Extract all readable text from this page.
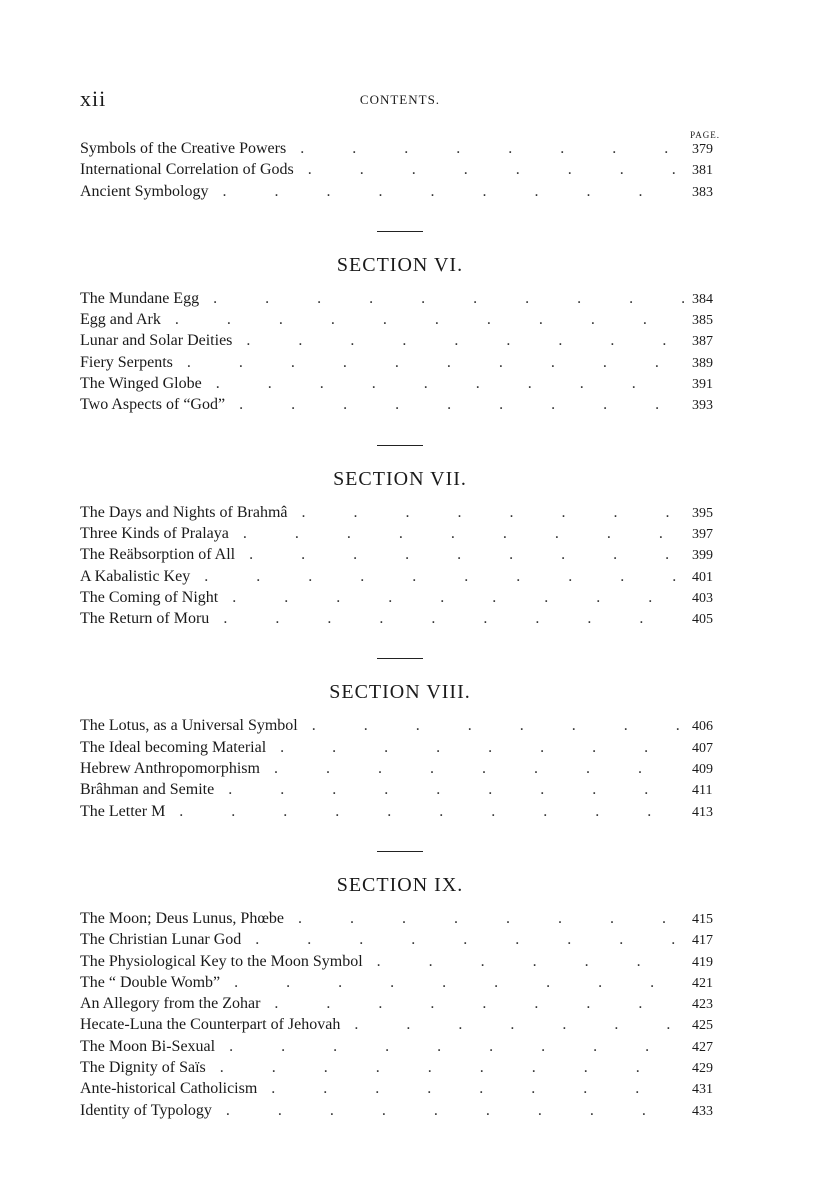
xii	CONTENTS.
PAGE.
Symbols of the Creative Powers .	379
International Correlation of Gods .	381
Ancient Symbology .	383
SECTION VI.
The Mundane Egg .	384
Egg and Ark .	385
Lunar and Solar Deities .	387
Fiery Serpents .	389
The Winged Globe .	391
Two Aspects of “God” .	393
SECTION VII.
The Days and Nights of Brahmâ .	395
Three Kinds of Pralaya .	397
The Reäbsorption of All .	399
A Kabalistic Key .	401
The Coming of Night .	403
The Return of Moru .	405
SECTION VIII.
The Lotus, as a Universal Symbol .	406
The Ideal becoming Material .	407
Hebrew Anthropomorphism .	409
Brâhman and Semite .	411
The Letter M .	413
SECTION IX.
The Moon; Deus Lunus, Phœbe .	415
The Christian Lunar God .	417
The Physiological Key to the Moon Symbol .	419
The “ Double Womb” .	421
An Allegory from the Zohar .	423
Hecate-Luna the Counterpart of Jehovah .	425
The Moon Bi-Sexual .	427
The Dignity of Saïs .	429
Ante-historical Catholicism .	431
Identity of Typology .	433
